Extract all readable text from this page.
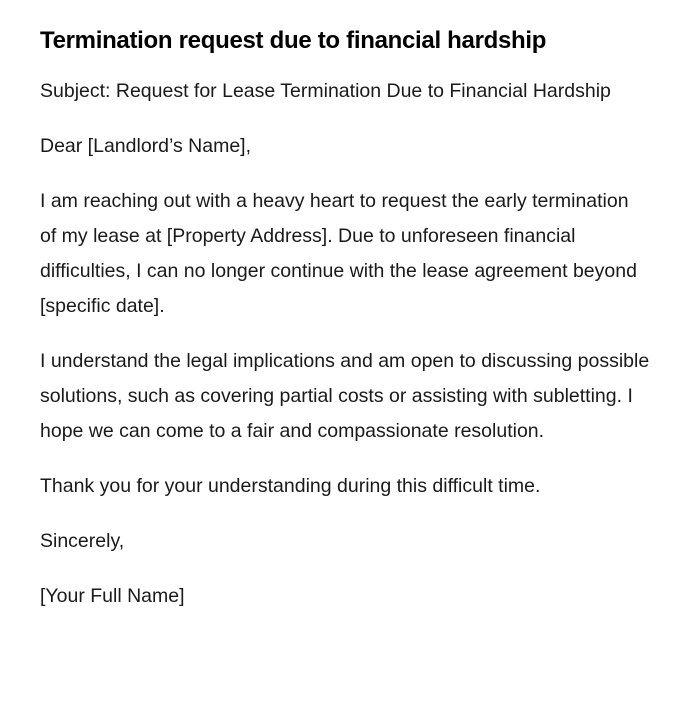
Termination request due to financial hardship

Subject: Request for Lease Termination Due to Financial Hardship

Dear [Landlord’s Name],

I am reaching out with a heavy heart to request the early termination of my lease at [Property Address]. Due to unforeseen financial difficulties, I can no longer continue with the lease agreement beyond [specific date].

I understand the legal implications and am open to discussing possible solutions, such as covering partial costs or assisting with subletting. I hope we can come to a fair and compassionate resolution.

Thank you for your understanding during this difficult time.

Sincerely,

[Your Full Name]
